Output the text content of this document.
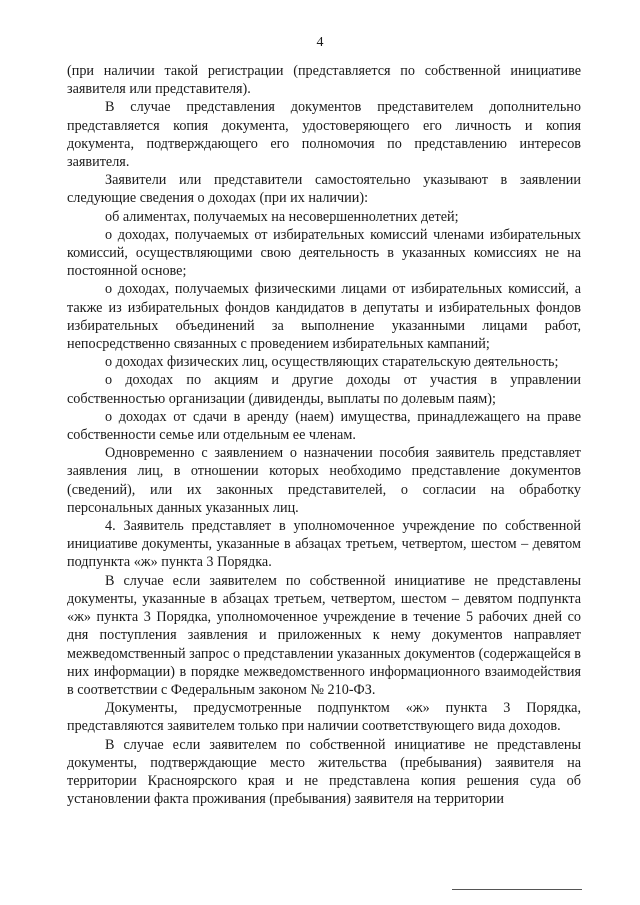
4

(при наличии такой регистрации (представляется по собственной инициативе заявителя или представителя).

В случае представления документов представителем дополнительно представляется копия документа, удостоверяющего его личность и копия документа, подтверждающего его полномочия по представлению интересов заявителя.

Заявители или представители самостоятельно указывают в заявлении следующие сведения о доходах (при их наличии):

об алиментах, получаемых на несовершеннолетних детей;

о доходах, получаемых от избирательных комиссий членами избирательных комиссий, осуществляющими свою деятельность в указанных комиссиях не на постоянной основе;

о доходах, получаемых физическими лицами от избирательных комиссий, а также из избирательных фондов кандидатов в депутаты и избирательных фондов избирательных объединений за выполнение указанными лицами работ, непосредственно связанных с проведением избирательных кампаний;

о доходах физических лиц, осуществляющих старательскую деятельность;

о доходах по акциям и другие доходы от участия в управлении собственностью организации (дивиденды, выплаты по долевым паям);

о доходах от сдачи в аренду (наем) имущества, принадлежащего на праве собственности семье или отдельным ее членам.

Одновременно с заявлением о назначении пособия заявитель представляет заявления лиц, в отношении которых необходимо представление документов (сведений), или их законных представителей, о согласии на обработку персональных данных указанных лиц.

4. Заявитель представляет в уполномоченное учреждение по собственной инициативе документы, указанные в абзацах третьем, четвертом, шестом – девятом подпункта «ж» пункта 3 Порядка.

В случае если заявителем по собственной инициативе не представлены документы, указанные в абзацах третьем, четвертом, шестом – девятом подпункта «ж» пункта 3 Порядка, уполномоченное учреждение в течение 5 рабочих дней со дня поступления заявления и приложенных к нему документов направляет межведомственный запрос о представлении указанных документов (содержащейся в них информации) в порядке межведомственного информационного взаимодействия в соответствии с Федеральным законом № 210-ФЗ.

Документы, предусмотренные подпунктом «ж» пункта 3 Порядка, представляются заявителем только при наличии соответствующего вида доходов.

В случае если заявителем по собственной инициативе не представлены документы, подтверждающие место жительства (пребывания) заявителя на территории Красноярского края и не представлена копия решения суда об установлении факта проживания (пребывания) заявителя на территории
